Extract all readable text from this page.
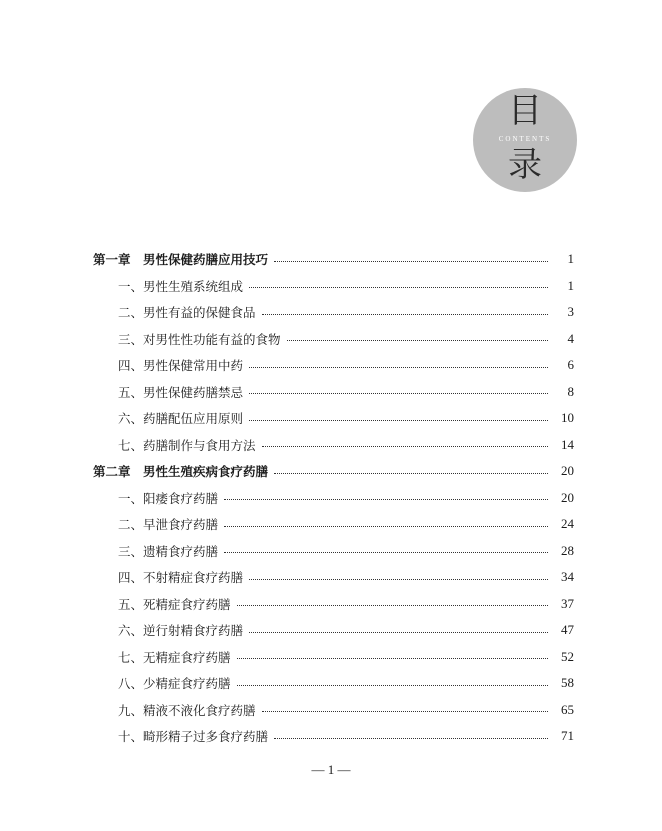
目
CONTENTS
录
第一章　男性保健药膳应用技巧	1
一、男性生殖系统组成	1
二、男性有益的保健食品	3
三、对男性性功能有益的食物	4
四、男性保健常用中药	6
五、男性保健药膳禁忌	8
六、药膳配伍应用原则	10
七、药膳制作与食用方法	14
第二章　男性生殖疾病食疗药膳	20
一、阳痿食疗药膳	20
二、早泄食疗药膳	24
三、遗精食疗药膳	28
四、不射精症食疗药膳	34
五、死精症食疗药膳	37
六、逆行射精食疗药膳	47
七、无精症食疗药膳	52
八、少精症食疗药膳	58
九、精液不液化食疗药膳	65
十、畸形精子过多食疗药膳	71
— 1 —
